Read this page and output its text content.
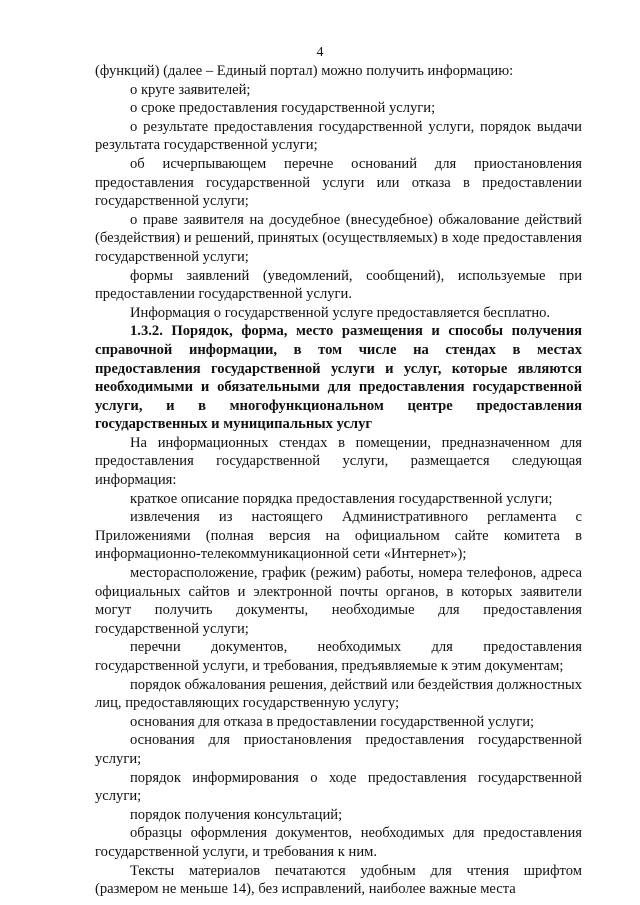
4

(функций) (далее – Единый портал) можно получить информацию:

о круге заявителей;

о сроке предоставления государственной услуги;

о результате предоставления государственной услуги, порядок выдачи результата государственной услуги;

об исчерпывающем перечне оснований для приостановления предоставления государственной услуги или отказа в предоставлении государственной услуги;

о праве заявителя на досудебное (внесудебное) обжалование действий (бездействия) и решений, принятых (осуществляемых) в ходе предоставления государственной услуги;

формы заявлений (уведомлений, сообщений), используемые при предоставлении государственной услуги.

Информация о государственной услуге предоставляется бесплатно.

1.3.2. Порядок, форма, место размещения и способы получения справочной информации, в том числе на стендах в местах предоставления государственной услуги и услуг, которые являются необходимыми и обязательными для предоставления государственной услуги, и в многофункциональном центре предоставления государственных и муниципальных услуг

На информационных стендах в помещении, предназначенном для предоставления государственной услуги, размещается следующая информация:

краткое описание порядка предоставления государственной услуги;

извлечения из настоящего Административного регламента с Приложениями (полная версия на официальном сайте комитета в информационно-телекоммуникационной сети «Интернет»);

месторасположение, график (режим) работы, номера телефонов, адреса официальных сайтов и электронной почты органов, в которых заявители могут получить документы, необходимые для предоставления государственной услуги;

перечни документов, необходимых для предоставления государственной услуги, и требования, предъявляемые к этим документам;

порядок обжалования решения, действий или бездействия должностных лиц, предоставляющих государственную услугу;

основания для отказа в предоставлении государственной услуги;

основания для приостановления предоставления государственной услуги;

порядок информирования о ходе предоставления государственной услуги;

порядок получения консультаций;

образцы оформления документов, необходимых для предоставления государственной услуги, и требования к ним.

Тексты материалов печатаются удобным для чтения шрифтом (размером не меньше 14), без исправлений, наиболее важные места
